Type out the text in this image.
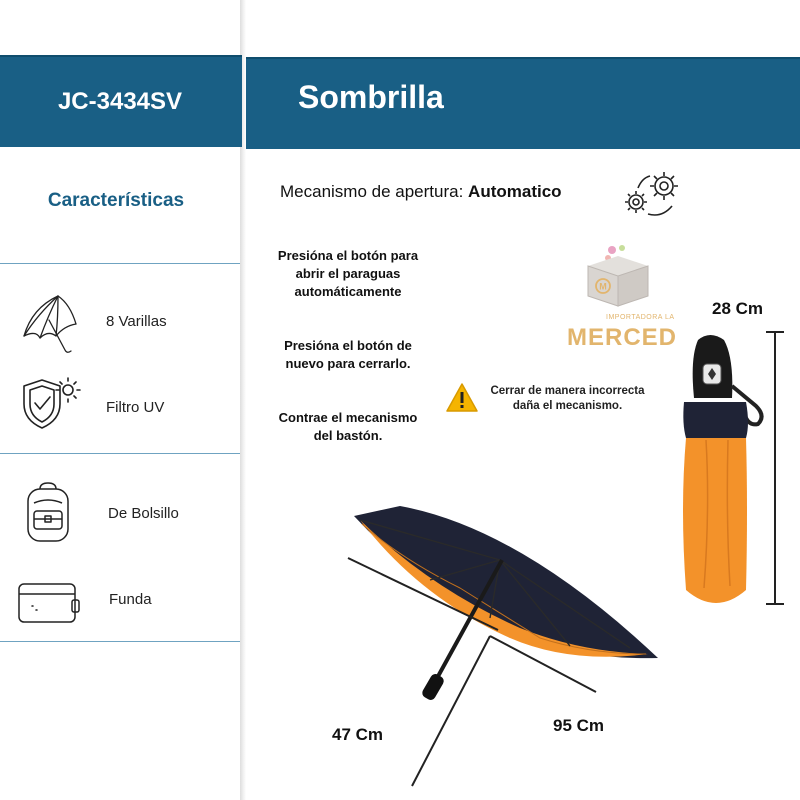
JC-3434SV	Sombrilla
Características
8 Varillas
Filtro UV
De Bolsillo
Funda
Mecanismo de apertura: Automatico
Presióna el botón para abrir el paraguas automáticamente
Presióna el botón de nuevo para cerrarlo.
Contrae el mecanismo del bastón.
Cerrar de manera incorrecta daña el mecanismo.
M
IMPORTADORA LA
MERCED
47 Cm	95 Cm
28 Cm
